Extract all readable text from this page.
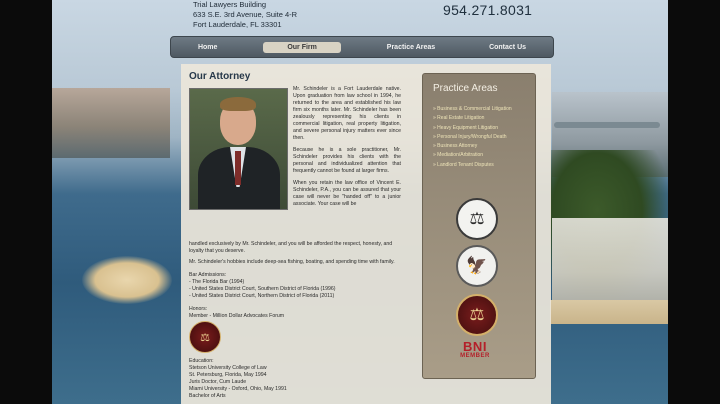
Trial Lawyers Building
633 S.E. 3rd Avenue, Suite 4-R
Fort Lauderdale, FL 33301
954.271.8031
Home	Our Firm	Practice Areas	Contact Us
Our Attorney

Mr. Schindeler is a Fort Lauderdale native. Upon graduation from law school in 1994, he returned to the area and established his law firm six months later. Mr. Schindeler has been zealously representing his clients in commercial litigation, real property litigation, and severe personal injury matters ever since then.

Because he is a sole practitioner, Mr. Schindeler provides his clients with the personal and individualized attention that frequently cannot be found at larger firms.

When you retain the law office of Vincent E. Schindeler, P.A., you can be assured that your case will never be "handed off" to a junior associate. Your case will be

handled exclusively by Mr. Schindeler, and you will be afforded the respect, honesty, and loyalty that you deserve.

Mr. Schindeler's hobbies include deep-sea fishing, boating, and spending time with family.

Bar Admissions:
- The Florida Bar (1994)
- United States District Court, Southern District of Florida (1996)
- United States District Court, Northern District of Florida (2011)
Honors:
Member - Million Dollar Advocates Forum
Education:
Stetson University College of Law
St. Petersburg, Florida, May 1994
Juris Doctor, Cum Laude
Miami University - Oxford, Ohio, May 1991
Bachelor of Arts
⚖
Practice Areas
» Business & Commercial Litigation
» Real Estate Litigation
» Heavy Equipment Litigation
» Personal Injury/Wrongful Death
» Business Attorney
» Mediation/Arbitration
» Landlord Tenant Disputes
⚖
🦅
⚖
BNI
MEMBER
